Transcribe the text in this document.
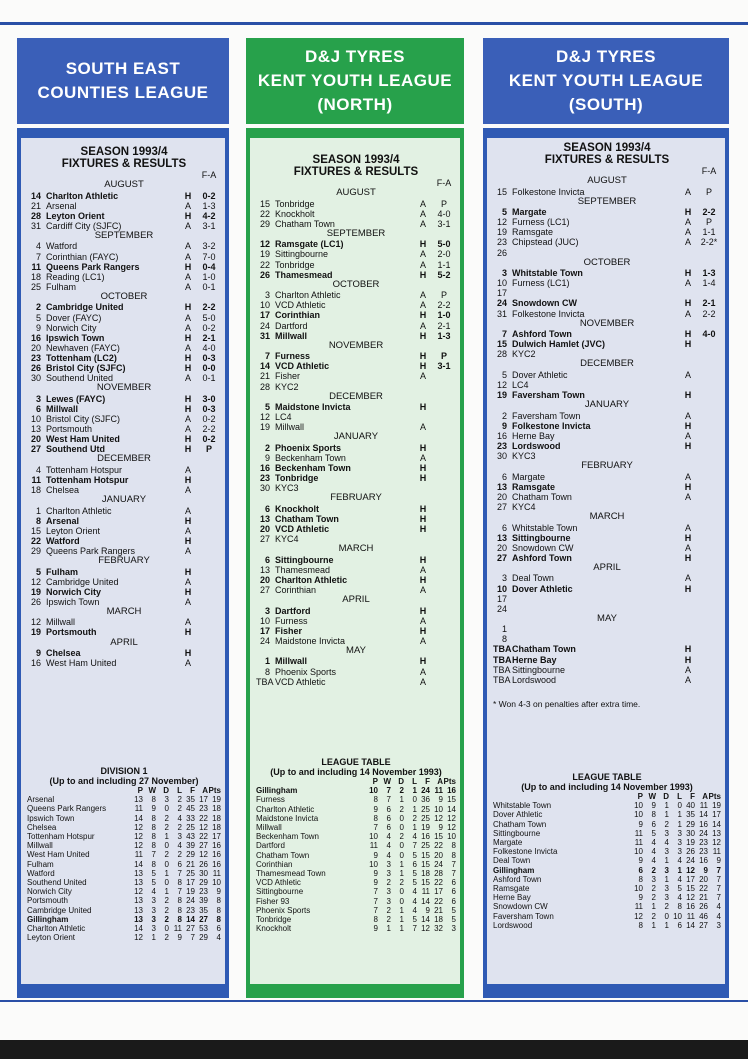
SOUTH EAST
COUNTIES LEAGUE
D&J TYRES
KENT YOUTH LEAGUE
(NORTH)
D&J TYRES
KENT YOUTH LEAGUE
(SOUTH)
SEASON 1993/4
FIXTURES & RESULTS
F-A
AUGUST
14 Charlton Athletic	H	0-2
21 Arsenal	A	1-3
28 Leyton Orient	H	4-2
31 Cardiff City (SJFC)	A	3-1
SEPTEMBER
4 Watford	A	3-2
7 Corinthian (FAYC)	A	7-0
11 Queens Park Rangers	H	0-4
18 Reading (LC1)	A	1-0
25 Fulham	A	0-1
OCTOBER
2 Cambridge United	H	2-2
5 Dover (FAYC)	A	5-0
9 Norwich City	A	0-2
16 Ipswich Town	H	2-1
20 Newhaven (FAYC)	A	4-0
23 Tottenham (LC2)	H	0-3
26 Bristol City (SJFC)	H	0-0
30 Southend United	A	0-1
NOVEMBER
3 Lewes (FAYC)	H	3-0
6 Millwall	H	0-3
10 Bristol City (SJFC)	A	0-2
13 Portsmouth	A	2-2
20 West Ham United	H	0-2
27 Southend Utd	H	P
DECEMBER
4 Tottenham Hotspur	A
11 Tottenham Hotspur	H
18 Chelsea	A
JANUARY
1 Charlton Athletic	A
8 Arsenal	H
15 Leyton Orient	A
22 Watford	H
29 Queens Park Rangers	A
FEBRUARY
5 Fulham	H
12 Cambridge United	A
19 Norwich City	H
26 Ipswich Town	A
MARCH
12 Millwall	A
19 Portsmouth	H
APRIL
9 Chelsea	H
16 West Ham United	A
DIVISION 1
(Up to and including 27 November)
	P	W	D	L	F	A	Pts
Arsenal	13	8	3	2	35	17	19
Queens Park Rangers	11	9	0	2	45	23	18
Ipswich Town	14	8	2	4	33	22	18
Chelsea	12	8	2	2	25	12	18
Tottenham Hotspur	12	8	1	3	43	22	17
Millwall	12	8	0	4	39	27	16
West Ham United	11	7	2	2	29	12	16
Fulham	14	8	0	6	21	26	16
Watford	13	5	1	7	25	30	11
Southend United	13	5	0	8	17	29	10
Norwich City	12	4	1	7	19	23	9
Portsmouth	13	3	2	8	24	39	8
Cambridge United	13	3	2	8	23	35	8
Gillingham	13	3	2	8	14	27	8
Charlton Athletic	14	3	0	11	27	53	6
Leyton Orient	12	1	2	9	7	29	4
SEASON 1993/4
FIXTURES & RESULTS
F-A
AUGUST
15 Tonbridge	A	P
22 Knockholt	A	4-0
29 Chatham Town	A	3-1
SEPTEMBER
12 Ramsgate (LC1)	H	5-0
19 Sittingbourne	A	2-0
22 Tonbridge	A	1-1
26 Thamesmead	H	5-2
OCTOBER
3 Charlton Athletic	A	P
10 VCD Athletic	A	2-2
17 Corinthian	H	1-0
24 Dartford	A	2-1
31 Millwall	H	1-3
NOVEMBER
7 Furness	H	P
14 VCD Athletic	H	3-1
21 Fisher	A
28 KYC2
DECEMBER
5 Maidstone Invicta	H
12 LC4
19 Millwall	A
JANUARY
2 Phoenix Sports	H
9 Beckenham Town	A
16 Beckenham Town	H
23 Tonbridge	H
30 KYC3
FEBRUARY
6 Knockholt	H
13 Chatham Town	H
20 VCD Athletic	H
27 KYC4
MARCH
6 Sittingbourne	H
13 Thamesmead	A
20 Charlton Athletic	H
27 Corinthian	A
APRIL
3 Dartford	H
10 Furness	A
17 Fisher	H
24 Maidstone Invicta	A
MAY
1 Millwall	H
8 Phoenix Sports	A
TBA VCD Athletic	A
LEAGUE TABLE
(Up to and including 14 November 1993)
	P	W	D	L	F	A	Pts
Gillingham	10	7	2	1	24	11	16
Furness	8	7	1	0	36	9	15
Charlton Athletic	9	6	2	1	25	10	14
Maidstone Invicta	8	6	0	2	25	12	12
Millwall	7	6	0	1	19	9	12
Beckenham Town	10	4	2	4	16	15	10
Dartford	11	4	0	7	25	22	8
Chatham Town	9	4	0	5	15	20	8
Corinthian	10	3	1	6	15	24	7
Thamesmead Town	9	3	1	5	18	28	7
VCD Athletic	9	2	2	5	15	22	6
Sittingbourne	7	3	0	4	11	17	6
Fisher 93	7	3	0	4	14	22	6
Phoenix Sports	7	2	1	4	9	21	5
Tonbridge	8	2	1	5	14	18	5
Knockholt	9	1	1	7	12	32	3
SEASON 1993/4
FIXTURES & RESULTS
F-A
AUGUST
15 Folkestone Invicta	A	P
SEPTEMBER
5 Margate	H	2-2
12 Furness (LC1)	A	P
19 Ramsgate	A	1-1
23 Chipstead (JUC)	A	2-2*
26
OCTOBER
3 Whitstable Town	H	1-3
10 Furness (LC1)	A	1-4
17
24 Snowdown CW	H	2-1
31 Folkestone Invicta	A	2-2
NOVEMBER
7 Ashford Town	H	4-0
15 Dulwich Hamlet (JVC)	H
28 KYC2
DECEMBER
5 Dover Athletic	A
12 LC4
19 Faversham Town	H
JANUARY
2 Faversham Town	A
9 Folkestone Invicta	H
16 Herne Bay	A
23 Lordswood	H
30 KYC3
FEBRUARY
6 Margate	A
13 Ramsgate	H
20 Chatham Town	A
27 KYC4
MARCH
6 Whitstable Town	A
13 Sittingbourne	H
20 Snowdown CW	A
27 Ashford Town	H
APRIL
3 Deal Town	A
10 Dover Athletic	H
17
24
MAY
1
8
TBA Chatham Town	H
TBA Herne Bay	H
TBA Sittingbourne	A
TBA Lordswood	A
* Won 4-3 on penalties after extra time.
LEAGUE TABLE
(Up to and including 14 November 1993)
	P	W	D	L	F	A	Pts
Whitstable Town	10	9	1	0	40	11	19
Dover Athletic	10	8	1	1	35	14	17
Chatham Town	9	6	2	1	29	16	14
Sittingbourne	11	5	3	3	30	24	13
Margate	11	4	4	3	19	23	12
Folkestone Invicta	10	4	3	3	26	23	11
Deal Town	9	4	1	4	24	16	9
Gillingham	6	2	3	1	12	9	7
Ashford Town	8	3	1	4	17	20	7
Ramsgate	10	2	3	5	15	22	7
Herne Bay	9	2	3	4	12	21	7
Snowdown CW	11	1	2	8	16	26	4
Faversham Town	12	2	0	10	11	46	4
Lordswood	8	1	1	6	14	27	3
